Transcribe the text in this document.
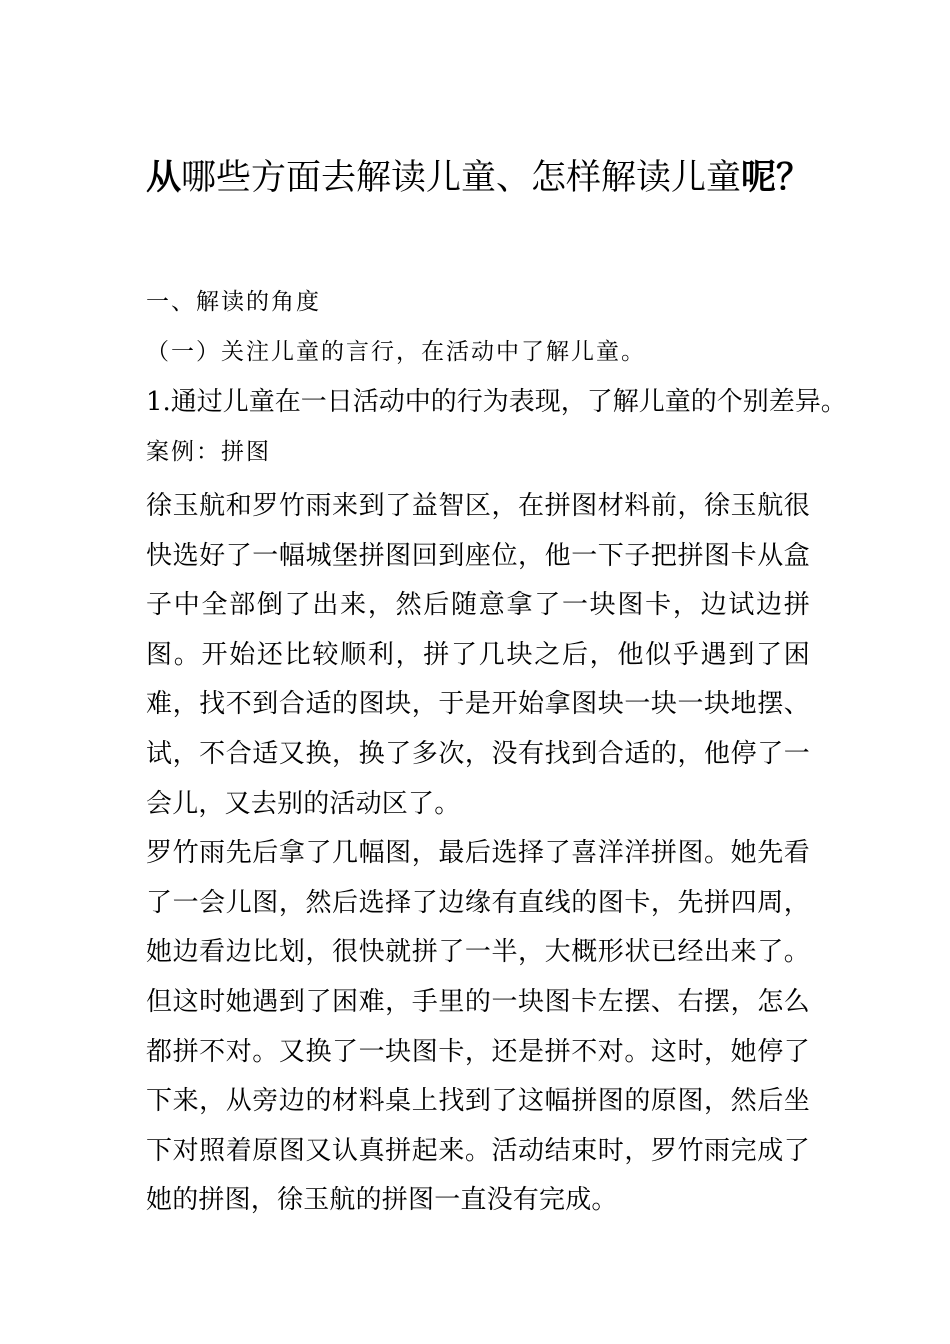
从哪些方面去解读儿童、怎样解读儿童呢？
一、解读的角度
（一）关注儿童的言行，在活动中了解儿童。
1.通过儿童在一日活动中的行为表现，了解儿童的个别差异。
案例：拼图

徐玉航和罗竹雨来到了益智区，在拼图材料前，徐玉航很快选好了一幅城堡拼图回到座位，他一下子把拼图卡从盒子中全部倒了出来，然后随意拿了一块图卡，边试边拼图。开始还比较顺利，拼了几块之后，他似乎遇到了困难，找不到合适的图块，于是开始拿图块一块一块地摆、试，不合适又换，换了多次，没有找到合适的，他停了一会儿，又去别的活动区了。

罗竹雨先后拿了几幅图，最后选择了喜洋洋拼图。她先看了一会儿图，然后选择了边缘有直线的图卡，先拼四周，她边看边比划，很快就拼了一半，大概形状已经出来了。但这时她遇到了困难，手里的一块图卡左摆、右摆，怎么都拼不对。又换了一块图卡，还是拼不对。这时，她停了下来，从旁边的材料桌上找到了这幅拼图的原图，然后坐下对照着原图又认真拼起来。活动结束时，罗竹雨完成了她的拼图，徐玉航的拼图一直没有完成。
